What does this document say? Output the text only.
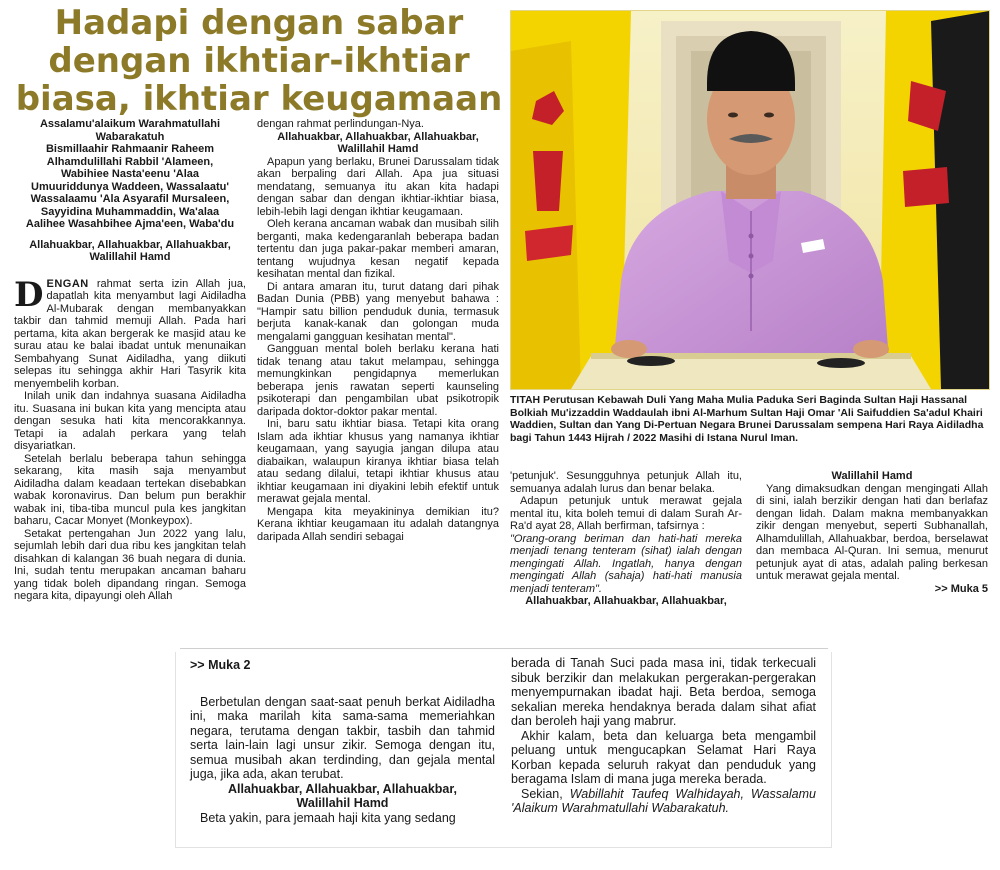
Hadapi dengan sabar dengan ikhtiar-ikhtiar biasa, ikhtiar keugamaan
Assalamu'alaikum Warahmatullahi
Wabarakatuh
Bismillaahir Rahmaanir Raheem
Alhamdulillahi Rabbil 'Alameen,
Wabihiee Nasta'eenu 'Alaa
Umuuriddunya Waddeen, Wassalaatu'
Wassalaamu 'Ala Asyarafil Mursaleen,
Sayyidina Muhammaddin, Wa'alaa
Aalihee Wasahbihee Ajma'een, Waba'du
Allahuakbar, Allahuakbar, Allahuakbar,
Walillahil Hamd

DENGAN rahmat serta izin Allah jua, dapatlah kita menyambut lagi Aidiladha Al-Mubarak dengan membanyakkan takbir dan tahmid memuji Allah. Pada hari pertama, kita akan bergerak ke masjid atau ke surau atau ke balai ibadat untuk menunaikan Sembahyang Sunat Aidiladha, yang diikuti selepas itu sehingga akhir Hari Tasyrik kita menyembelih korban.

Inilah unik dan indahnya suasana Aidiladha itu. Suasana ini bukan kita yang mencipta atau dengan sesuka hati kita mencorakkannya. Tetapi ia adalah perkara yang telah disyariatkan.

Setelah berlalu beberapa tahun sehingga sekarang, kita masih saja menyambut Aidiladha dalam keadaan tertekan disebabkan wabak koronavirus. Dan belum pun berakhir wabak ini, tiba-tiba muncul pula kes jangkitan baharu, Cacar Monyet (Monkeypox).

Setakat pertengahan Jun 2022 yang lalu, sejumlah lebih dari dua ribu kes jangkitan telah disahkan di kalangan 36 buah negara di dunia. Ini, sudah tentu merupakan ancaman baharu yang tidak boleh dipandang ringan. Semoga negara kita, dipayungi oleh Allah

dengan rahmat perlindungan-Nya.

Allahuakbar, Allahuakbar, Allahuakbar,
Walillahil Hamd

Apapun yang berlaku, Brunei Darussalam tidak akan berpaling dari Allah. Apa jua situasi mendatang, semuanya itu akan kita hadapi dengan sabar dan dengan ikhtiar-ikhtiar biasa, lebih-lebih lagi dengan ikhtiar keugamaan.

Oleh kerana ancaman wabak dan musibah silih berganti, maka kedengaranlah beberapa badan tertentu dan juga pakar-pakar memberi amaran, tentang wujudnya kesan negatif kepada kesihatan mental dan fizikal.

Di antara amaran itu, turut datang dari pihak Badan Dunia (PBB) yang menyebut bahawa : "Hampir satu billion penduduk dunia, termasuk berjuta kanak-kanak dan golongan muda mengalami gangguan kesihatan mental".

Gangguan mental boleh berlaku kerana hati tidak tenang atau takut melampau, sehingga memungkinkan pengidapnya memerlukan beberapa jenis rawatan seperti kaunseling psikoterapi dan pengambilan ubat psikotropik daripada doktor-doktor pakar mental.

Ini, baru satu ikhtiar biasa. Tetapi kita orang Islam ada ikhtiar khusus yang namanya ikhtiar keugamaan, yang sayugia jangan dilupa atau diabaikan, walaupun kiranya ikhtiar biasa telah atau sedang dilalui, tetapi ikhtiar khusus atau ikhtiar keugamaan ini diyakini lebih efektif untuk merawat gejala mental.

Mengapa kita meyakininya demikian itu? Kerana ikhtiar keugamaan itu adalah datangnya daripada Allah sendiri sebagai

TITAH Perutusan Kebawah Duli Yang Maha Mulia Paduka Seri Baginda Sultan Haji Hassanal Bolkiah Mu'izzaddin Waddaulah ibni Al-Marhum Sultan Haji Omar 'Ali Saifuddien Sa'adul Khairi Waddien, Sultan dan Yang Di-Pertuan Negara Brunei Darussalam sempena Hari Raya Aidiladha bagi Tahun 1443 Hijrah / 2022 Masihi di Istana Nurul Iman.

'petunjuk'. Sesungguhnya petunjuk Allah itu, semuanya adalah lurus dan benar belaka.

Adapun petunjuk untuk merawat gejala mental itu, kita boleh temui di dalam Surah Ar-Ra'd ayat 28, Allah berfirman, tafsirnya :

"Orang-orang beriman dan hati-hati mereka menjadi tenang tenteram (sihat) ialah dengan mengingati Allah. Ingatlah, hanya dengan mengingati Allah (sahaja) hati-hati manusia menjadi tenteram".

Allahuakbar, Allahuakbar, Allahuakbar,
Walillahil Hamd

Yang dimaksudkan dengan mengingati Allah di sini, ialah berzikir dengan hati dan berlafaz dengan lidah. Dalam makna membanyakkan zikir dengan menyebut, seperti Subhanallah, Alhamdulillah, Allahuakbar, berdoa, berselawat dan membaca Al-Quran. Ini semua, menurut petunjuk ayat di atas, adalah paling berkesan untuk merawat gejala mental.

>> Muka 5
>> Muka 2

Berbetulan dengan saat-saat penuh berkat Aidiladha ini, maka marilah kita sama-sama memeriahkan negara, terutama dengan takbir, tasbih dan tahmid serta lain-lain lagi unsur zikir. Semoga dengan itu, semua musibah akan terdinding, dan gejala mental juga, jika ada, akan terubat.

Allahuakbar, Allahuakbar, Allahuakbar,
Walillahil Hamd

Beta yakin, para jemaah haji kita yang sedang

berada di Tanah Suci pada masa ini, tidak terkecuali sibuk berzikir dan melakukan pergerakan-pergerakan menyempurnakan ibadat haji. Beta berdoa, semoga sekalian mereka hendaknya berada dalam sihat afiat dan beroleh haji yang mabrur.

Akhir kalam, beta dan keluarga beta mengambil peluang untuk mengucapkan Selamat Hari Raya Korban kepada seluruh rakyat dan penduduk yang beragama Islam di mana juga mereka berada.

Sekian, Wabillahit Taufeq Walhidayah, Wassalamu 'Alaikum Warahmatullahi Wabarakatuh.
